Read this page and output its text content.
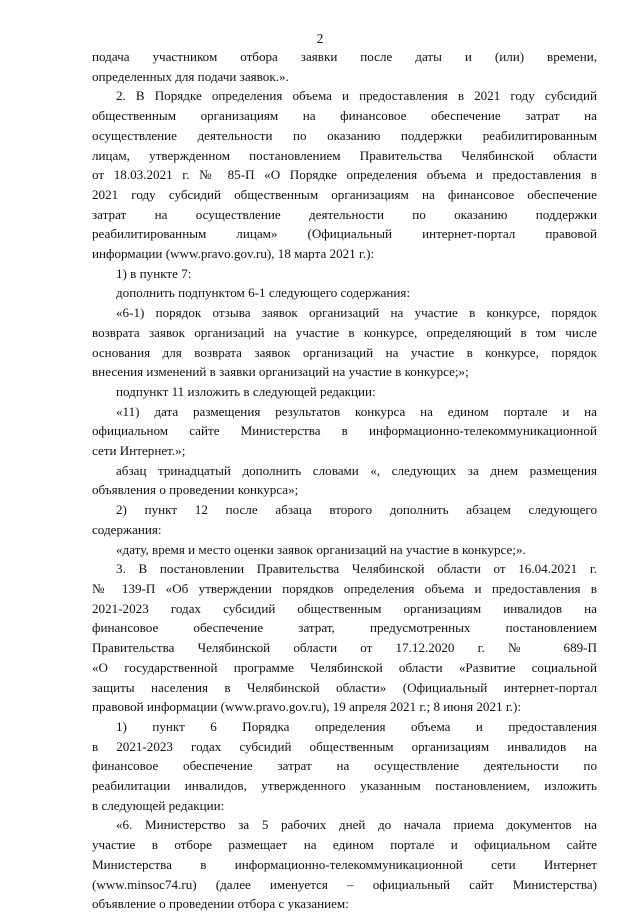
2
подача участником отбора заявки после даты и (или) времени,
определенных для подачи заявок.».
2. В Порядке определения объема и предоставления в 2021 году субсидий
общественным организациям на финансовое обеспечение затрат на
осуществление деятельности по оказанию поддержки реабилитированным
лицам, утвержденном постановлением Правительства Челябинской области
от 18.03.2021 г. № 85-П «О Порядке определения объема и предоставления в
2021 году субсидий общественным организациям на финансовое обеспечение
затрат на осуществление деятельности по оказанию поддержки
реабилитированным лицам» (Официальный интернет-портал правовой
информации (www.pravo.gov.ru), 18 марта 2021 г.):
1) в пункте 7:
дополнить подпунктом 6-1 следующего содержания:
«6-1) порядок отзыва заявок организаций на участие в конкурсе, порядок
возврата заявок организаций на участие в конкурсе, определяющий в том числе
основания для возврата заявок организаций на участие в конкурсе, порядок
внесения изменений в заявки организаций на участие в конкурсе;»;
подпункт 11 изложить в следующей редакции:
«11) дата размещения результатов конкурса на едином портале и на
официальном сайте Министерства в информационно-телекоммуникационной
сети Интернет.»;
абзац тринадцатый дополнить словами «, следующих за днем размещения
объявления о проведении конкурса»;
2) пункт 12 после абзаца второго дополнить абзацем следующего
содержания:
«дату, время и место оценки заявок организаций на участие в конкурсе;».
3. В постановлении Правительства Челябинской области от 16.04.2021 г.
№ 139-П «Об утверждении порядков определения объема и предоставления в
2021-2023 годах субсидий общественным организациям инвалидов на
финансовое обеспечение затрат, предусмотренных постановлением
Правительства Челябинской области от 17.12.2020 г. № 689-П
«О государственной программе Челябинской области «Развитие социальной
защиты населения в Челябинской области» (Официальный интернет-портал
правовой информации (www.pravo.gov.ru), 19 апреля 2021 г.; 8 июня 2021 г.):
1) пункт 6 Порядка определения объема и предоставления
в 2021-2023 годах субсидий общественным организациям инвалидов на
финансовое обеспечение затрат на осуществление деятельности по
реабилитации инвалидов, утвержденного указанным постановлением, изложить
в следующей редакции:
«6. Министерство за 5 рабочих дней до начала приема документов на
участие в отборе размещает на едином портале и официальном сайте
Министерства в информационно-телекоммуникационной сети Интернет
(www.minsoc74.ru) (далее именуется – официальный сайт Министерства)
объявление о проведении отбора с указанием:
